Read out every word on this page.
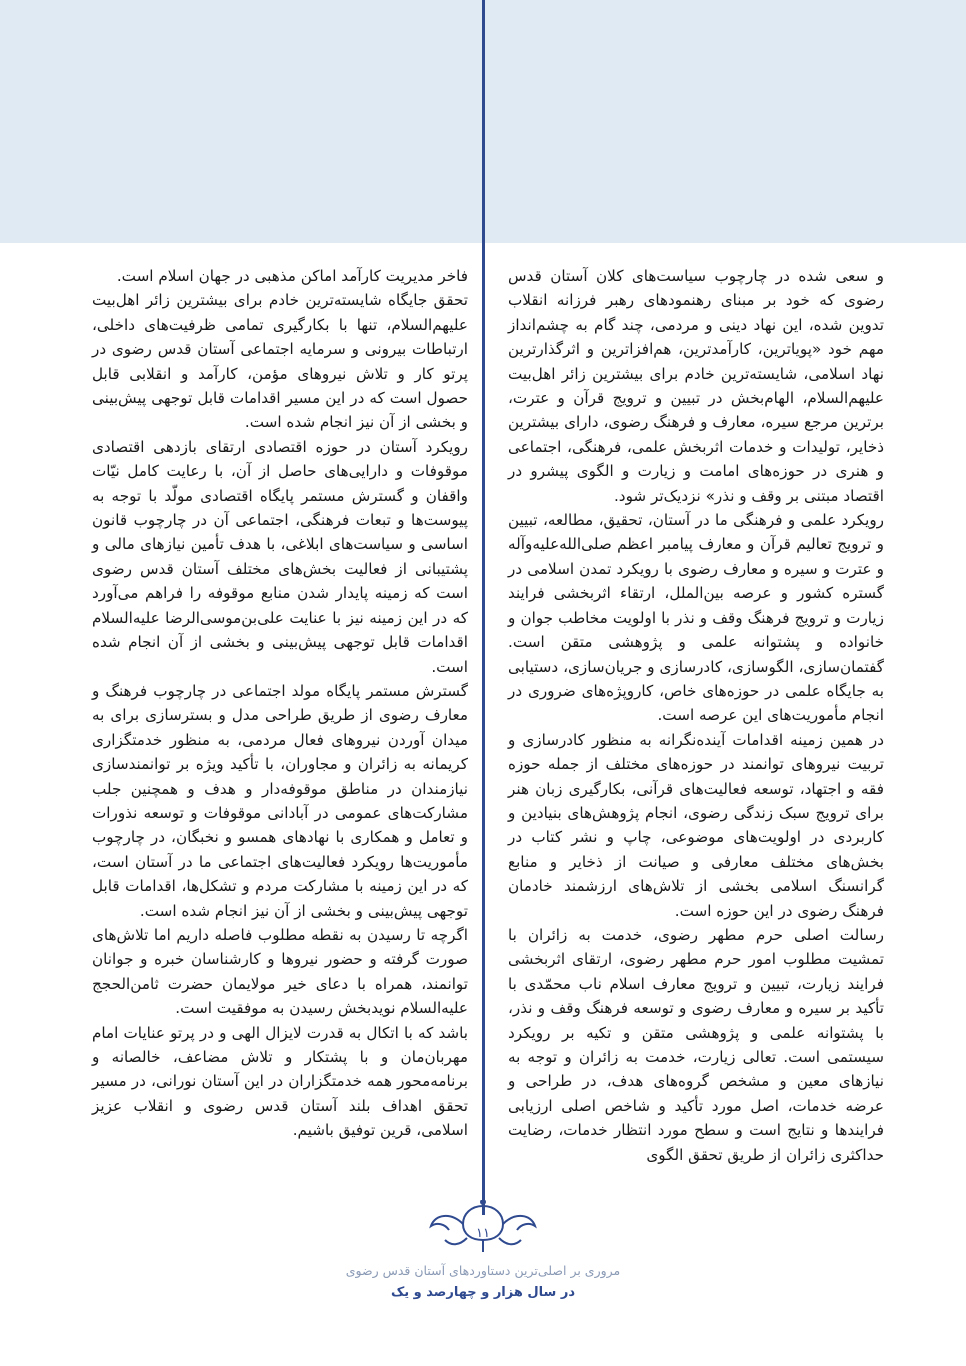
و سعی شده در چارچوب سیاست‌های کلان آستان قدس رضوی که خود بر مبنای رهنمودهای رهبر فرزانه انقلاب تدوین شده، این نهاد دینی و مردمی، چند گام به چشم‌انداز مهم خود «پویاترین، کارآمدترین، هم‌افزاترین و اثرگذارترین نهاد اسلامی، شایسته‌ترین خادم برای بیشترین زائر اهل‌بیت علیهم‌السلام، الهام‌بخش در تبیین و ترویج قرآن و عترت، برترین مرجع سیره، معارف و فرهنگ رضوی، دارای بیشترین ذخایر، تولیدات و خدمات اثربخش علمی، فرهنگی، اجتماعی و هنری در حوزه‌های امامت و زیارت و الگوی پیشرو در اقتصاد مبتنی بر وقف و نذر» نزدیک‌تر شود.

رویکرد علمی و فرهنگی ما در آستان، تحقیق، مطالعه، تبیین و ترویج تعالیم قرآن و معارف پیامبر اعظم صلی‌الله‌علیه‌وآله و عترت و سیره و معارف رضوی با رویکرد تمدن اسلامی در گستره کشور و عرصه بین‌الملل، ارتقاء اثربخشی فرایند زیارت و ترویج فرهنگ وقف و نذر با اولویت مخاطب جوان و خانواده و پشتوانه علمی و پژوهشی متقن است. گفتمان‌سازی، الگوسازی، کادرسازی و جریان‌سازی، دستیابی به جایگاه علمی در حوزه‌های خاص، کاروپژه‌های ضروری در انجام مأموریت‌های این عرصه است.

در همین زمینه اقدامات آینده‌نگرانه به منظور کادرسازی و تربیت نیروهای توانمند در حوزه‌های مختلف از جمله حوزه فقه و اجتهاد، توسعه فعالیت‌های قرآنی، بکارگیری زبان هنر برای ترویج سبک زندگی رضوی، انجام پژوهش‌های بنیادین و کاربردی در اولویت‌های موضوعی، چاپ و نشر کتاب در بخش‌های مختلف معارفی و صیانت از ذخایر و منابع گرانسنگ اسلامی بخشی از تلاش‌های ارزشمند خادمان فرهنگ رضوی در این حوزه است.

رسالت اصلی حرم مطهر رضوی، خدمت به زائران با تمشیت مطلوب امور حرم مطهر رضوی، ارتقای اثربخشی فرایند زیارت، تبیین و ترویج معارف اسلام ناب محمّدی با تأکید بر سیره و معارف رضوی و توسعه فرهنگ وقف و نذر، با پشتوانه علمی و پژوهشی متقن و تکیه بر رویکرد سیستمی است. تعالی زیارت، خدمت به زائران و توجه به نیازهای معین و مشخص گروه‌های هدف، در طراحی و عرضه خدمات، اصل مورد تأکید و شاخص اصلی ارزیابی فرایندها و نتایج است و سطح مورد انتظار خدمات، رضایت حداکثری زائران از طریق تحقق الگوی

فاخر مدیریت کارآمد اماکن مذهبی در جهان اسلام است.

تحقق جایگاه شایسته‌ترین خادم برای بیشترین زائر اهل‌بیت علیهم‌السلام، تنها با بکارگیری تمامی ظرفیت‌های داخلی، ارتباطات بیرونی و سرمایه اجتماعی آستان قدس رضوی در پرتو کار و تلاش نیروهای مؤمن، کارآمد و انقلابی قابل حصول است که در این مسیر اقدامات قابل توجهی پیش‌بینی و بخشی از آن نیز انجام شده است.

رویکرد آستان در حوزه اقتصادی ارتقای بازدهی اقتصادی موقوفات و دارایی‌های حاصل از آن، با رعایت کامل نیّات واقفان و گسترش مستمر پایگاه اقتصادی مولّد با توجه به پیوست‌ها و تبعات فرهنگی، اجتماعی آن در چارچوب قانون اساسی و سیاست‌های ابلاغی، با هدف تأمین نیازهای مالی و پشتیبانی از فعالیت بخش‌های مختلف آستان قدس رضوی است که زمینه پایدار شدن منابع موقوفه را فراهم می‌آورد که در این زمینه نیز با عنایت علی‌بن‌موسی‌الرضا علیه‌السلام اقدامات قابل توجهی پیش‌بینی و بخشی از آن انجام شده است.

گسترش مستمر پایگاه مولد اجتماعی در چارچوب فرهنگ و معارف رضوی از طریق طراحی مدل و بسترسازی برای به میدان آوردن نیروهای فعال مردمی، به منظور خدمتگزاری کریمانه به زائران و مجاوران، با تأکید ویژه بر توانمندسازی نیازمندان در مناطق موقوفه‌دار و هدف و همچنین جلب مشارکت‌های عمومی در آبادانی موقوفات و توسعه نذورات و تعامل و همکاری با نهادهای همسو و نخبگان، در چارچوب مأموریت‌ها رویکرد فعالیت‌های اجتماعی ما در آستان است، که در این زمینه با مشارکت مردم و تشکل‌ها، اقدامات قابل توجهی پیش‌بینی و بخشی از آن نیز انجام شده است.

اگرچه تا رسیدن به نقطه مطلوب فاصله داریم اما تلاش‌های صورت گرفته و حضور نیروها و کارشناسان خبره و جوانان توانمند، همراه با دعای خیر مولایمان حضرت ثامن‌الحجج علیه‌السلام نوید‌بخش رسیدن به موفقیت است.

باشد که با اتکال به قدرت لایزال الهی و در پرتو عنایات امام مهربان‌مان و با پشتکار و تلاش مضاعف، خالصانه و برنامه‌محور همه خدمتگزاران در این آستان نورانی، در مسیر تحقق اهداف بلند آستان قدس رضوی و انقلاب عزیز اسلامی، قرین توفیق باشیم.

۱۱
مروری بر اصلی‌ترین دستاوردهای آستان قدس رضوی
در سال هزار و چهارصد و یک
